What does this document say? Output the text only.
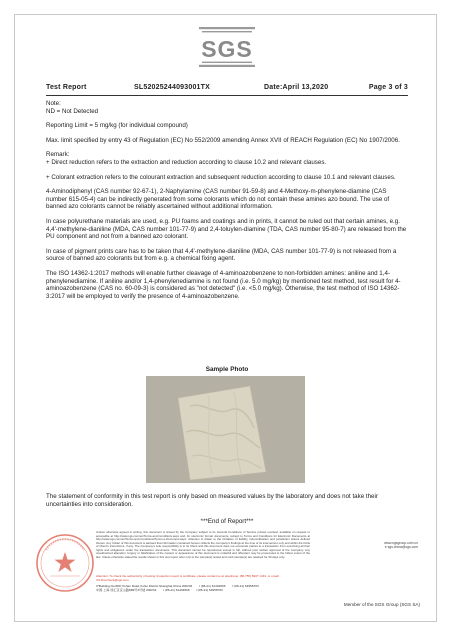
SGS
Test Report	SL52025244093001TX	Date:April 13,2020	Page 3 of 3

Note:

ND = Not Detected

Reporting Limit = 5 mg/kg (for individual compound)

Max. limit specified by entry 43 of Regulation (EC) No 552/2009 amending Annex XVII of REACH Regulation (EC) No 1907/2006.

Remark:

+ Direct reduction refers to the extraction and reduction according to clause 10.2 and relevant clauses.

+ Colorant extraction refers to the colourant extraction and subsequent reduction according to clause 10.1 and relevant clauses.

4-Aminodiphenyl (CAS number 92-67-1), 2-Naphylamine (CAS number 91-59-8) and 4-Methoxy-m-phenylene-diamine (CAS number 615-05-4) can be indirectly generated from some colorants which do not contain these amines azo bound. The use of banned azo colorants cannot be reliably ascertained without additional information.

In case polyurethane materials are used, e.g. PU foams and coatings and in prints, it cannot be ruled out that certain amines, e.g. 4,4'-methylene-dianiline (MDA, CAS number 101-77-9) and 2,4-toluylen-diamine (TDA, CAS number 95-80-7) are released from the PU component and not from a banned azo colorant.

In case of pigment prints care has to be taken that 4,4'-methylene-dianiline (MDA, CAS number 101-77-9) is not released from a source of banned azo colorants but from e.g. a chemical fixing agent.

The ISO 14362-1:2017 methods will enable further cleavage of 4-aminoazobenzene to non-forbidden amines: aniline and 1,4-phenylenediamine. If aniline and/or 1,4-phenylenediamine is not found (i.e. 5.0 mg/kg) by mentioned test method, test result for 4-aminoazobenzene (CAS no. 60-09-3) is considered as "not detected" (i.e. <5.0 mg/kg). Otherwise, the test method of ISO 14362-3:2017 will be employed to verify the presence of 4-aminoazobenzene.

Sample Photo
The statement of conformity in this test report is only based on measured values by the laboratory and does not take their uncertainties into consideration.
***End of Report***
Unless otherwise agreed in writing, this document is issued by the Company subject to its General Conditions of Service printed overleaf, available on request or accessible at http://www.sgs.com/en/Terms-and-Conditions.aspx and, for electronic format documents, subject to Terms and Conditions for Electronic Documents at http://www.sgs.com/en/Terms-and-Conditions/Terms-e-Document.aspx. Attention is drawn to the limitation of liability, indemnification and jurisdiction issues defined therein. Any holder of this document is advised that information contained hereon reflects the Company's findings at the time of its intervention only and within the limits of Client's instructions, if any. The Company's sole responsibility is to its Client and this document does not exonerate parties to a transaction from exercising all their rights and obligations under the transaction documents. This document cannot be reproduced except in full, without prior written approval of the Company. Any unauthorized alteration, forgery or falsification of the content or appearance of this document is unlawful and offenders may be prosecuted to the fullest extent of the law. Unless otherwise stated the results shown in this test report refer only to the sample(s) tested and such sample(s) are retained for 30 days only.
Attention: To check the authenticity of testing /inspection report & certificate, please contact us at telephone: (86-755) 8307 1443, or email: CN.Doccheck@sgs.com
3″Building,No.889,Yishan Road,Xuhui District,Shanghai,China 200233 t (86-21) 61402666 f (86-21) 64958763
中国·上海·徐汇区宜山路889号3号楼 200233 t (86-21) 61402666 f (86-21) 64958763
www.sgsgroup.com.cn
e sgs.china@sgs.com
Member of the SGS Group (SGS SA)
